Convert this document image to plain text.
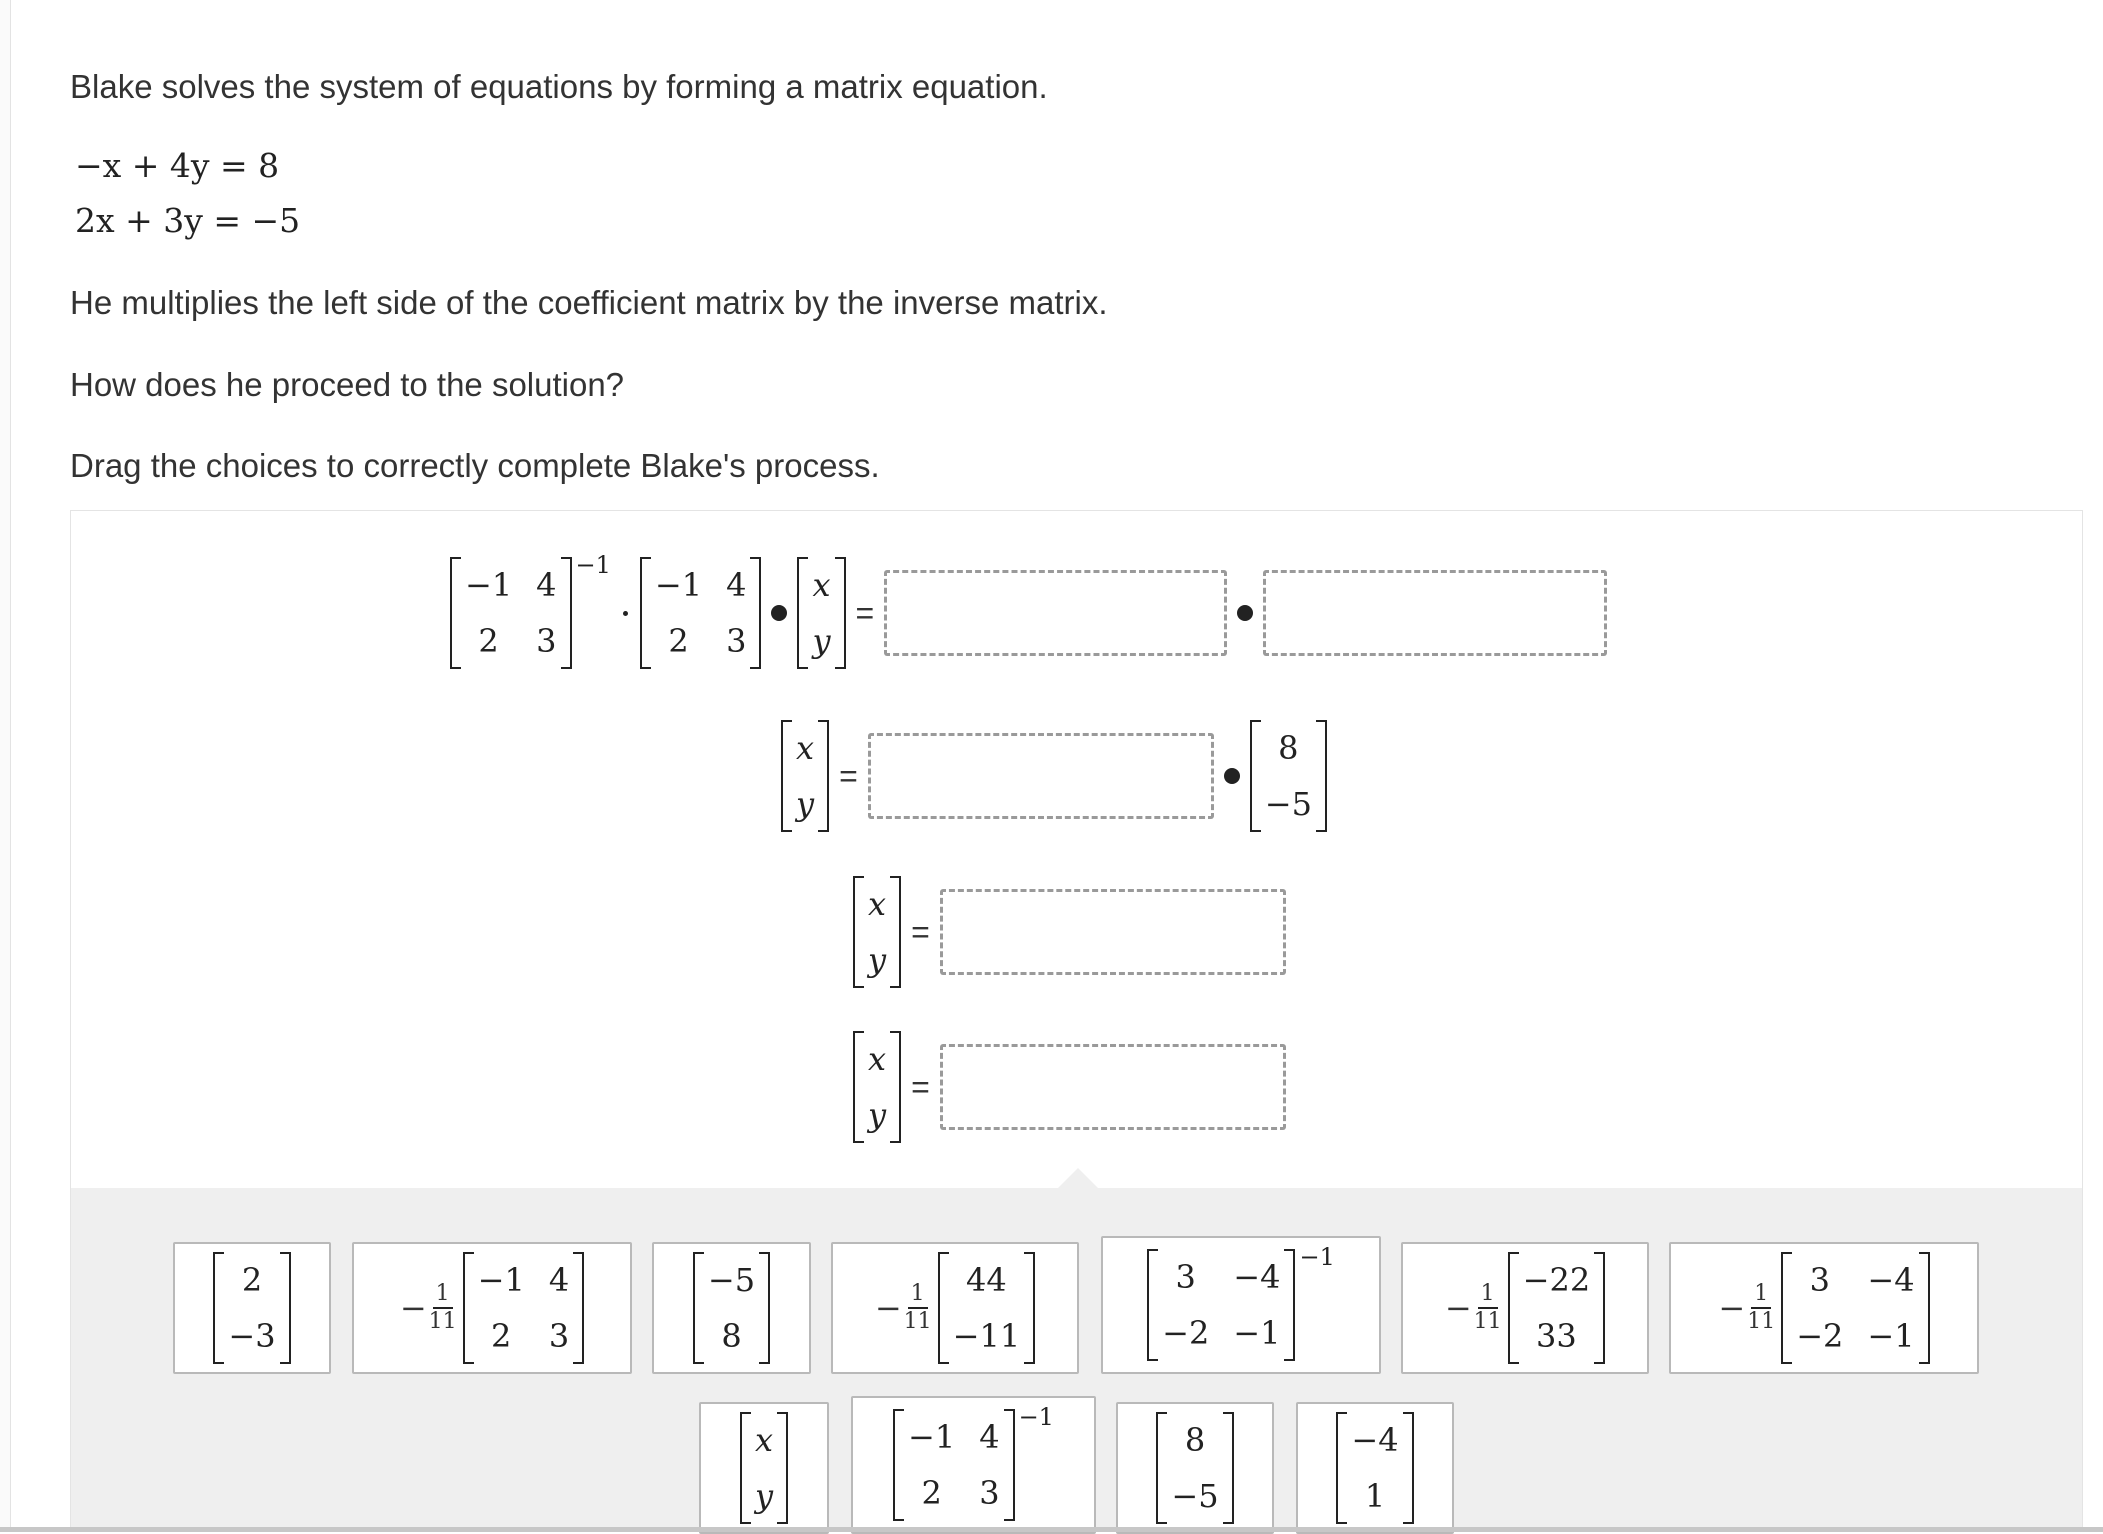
Blake solves the system of equations by forming a matrix equation.
−x + 4y = 8
2x + 3y = −5
He multiplies the left side of the coefficient matrix by the inverse matrix.
How does he proceed to the solution?
Drag the choices to correctly complete Blake's process.
−1 4
2	3
−1
−1 4
2	3
x
y
=
x
y
=
8
−5
x
y
=
x
y
=
2
−3
− $\frac{1}{11}$
−1 4
2	3
−5
8
− $\frac{1}{11}$
44
−11
3	−4
−2 −1
−1
− $\frac{1}{11}$
−22
33
− $\frac{1}{11}$
3	−4
−2 −1
x
y
−1 4
2	3
−1
8
−5
−4
1
